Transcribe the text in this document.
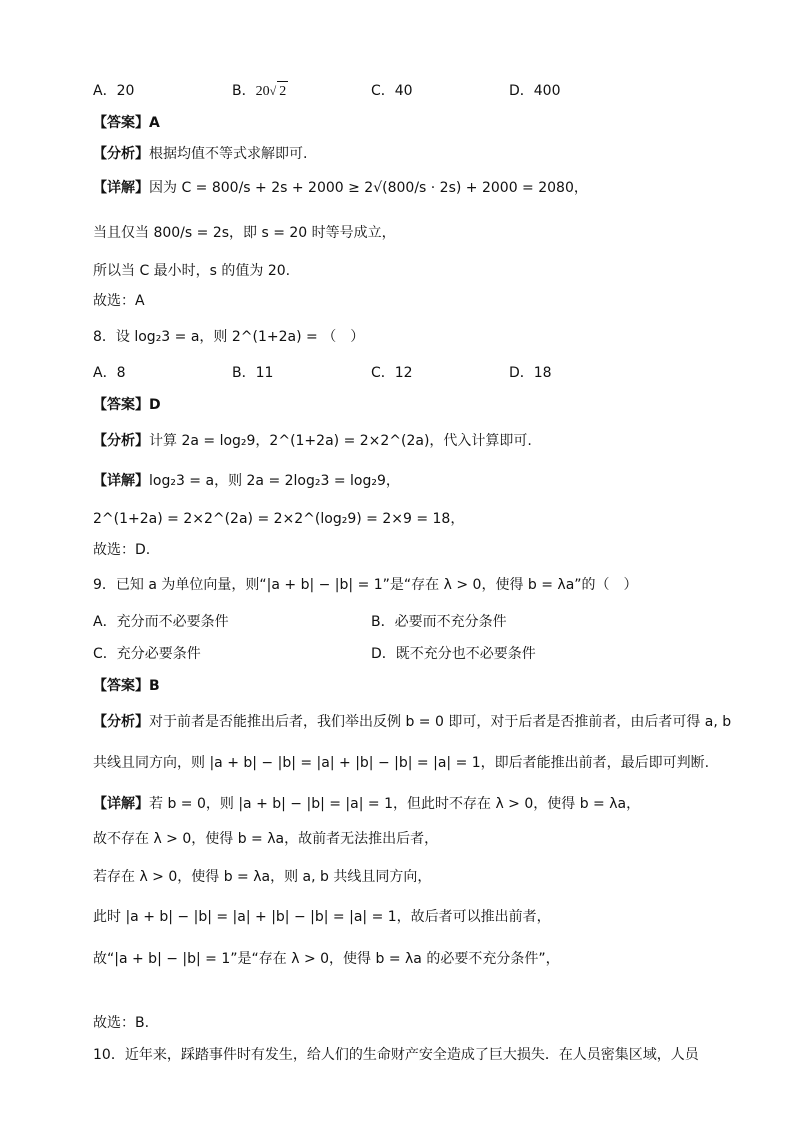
A．20	B．20√ 2	C．40	D．400
【答案】A
【分析】根据均值不等式求解即可.
【详解】因为 C = 800/s + 2s + 2000 ≥ 2√(800/s · 2s) + 2000 = 2080，
当且仅当 800/s = 2s，即 s = 20 时等号成立，
所以当 C 最小时，s 的值为 20.
故选：A
8．设 log₂3 = a，则 2^(1+2a) = （　）
A．8	B．11	C．12	D．18
【答案】D
【分析】计算 2a = log₂9，2^(1+2a) = 2×2^(2a)，代入计算即可.
【详解】log₂3 = a，则 2a = 2log₂3 = log₂9，
2^(1+2a) = 2×2^(2a) = 2×2^(log₂9) = 2×9 = 18，
故选：D.
9．已知 a 为单位向量，则“|a + b| − |b| = 1”是“存在 λ > 0，使得 b = λa”的（　）
A．充分而不必要条件	B．必要而不充分条件
C．充分必要条件	D．既不充分也不必要条件
【答案】B
【分析】对于前者是否能推出后者，我们举出反例 b = 0 即可，对于后者是否推前者，由后者可得 a, b
共线且同方向，则 |a + b| − |b| = |a| + |b| − |b| = |a| = 1，即后者能推出前者，最后即可判断.
【详解】若 b = 0，则 |a + b| − |b| = |a| = 1，但此时不存在 λ > 0，使得 b = λa，
故不存在 λ > 0，使得 b = λa，故前者无法推出后者，
若存在 λ > 0，使得 b = λa，则 a, b 共线且同方向，
此时 |a + b| − |b| = |a| + |b| − |b| = |a| = 1，故后者可以推出前者，
故“|a + b| − |b| = 1”是“存在 λ > 0，使得 b = λa 的必要不充分条件”，
故选：B.
10．近年来，踩踏事件时有发生，给人们的生命财产安全造成了巨大损失．在人员密集区域，人员
